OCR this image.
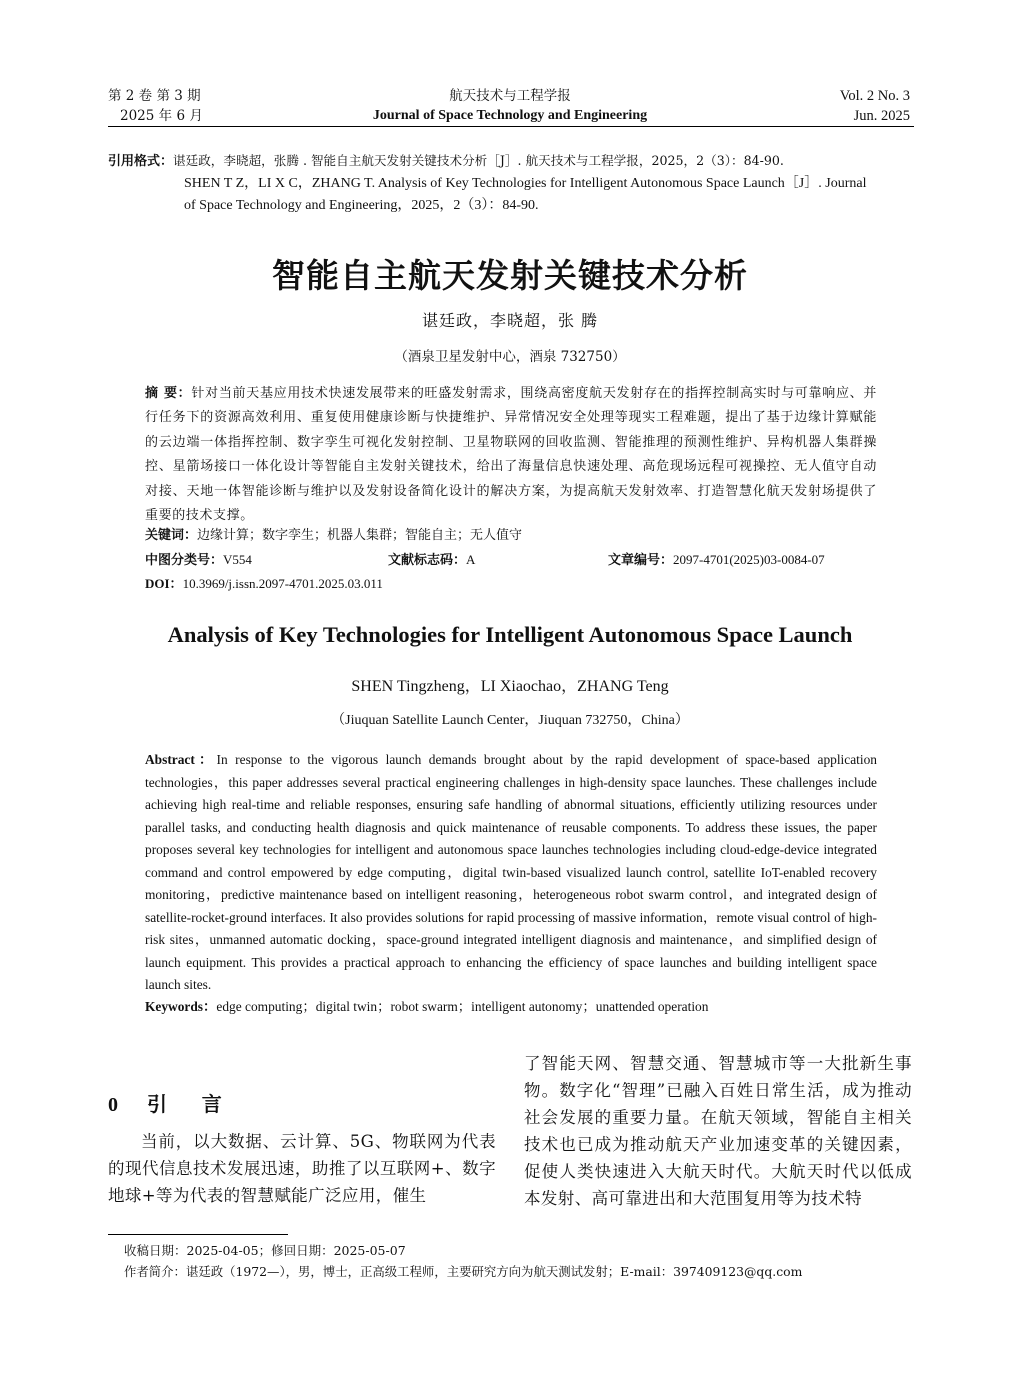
第 2 卷 第 3 期
2025 年 6 月
航天技术与工程学报
Journal of Space Technology and Engineering
Vol. 2 No. 3
Jun. 2025
引用格式：谌廷政，李晓超，张腾 . 智能自主航天发射关键技术分析［J］. 航天技术与工程学报，2025，2（3）：84-90.
SHEN T Z，LI X C，ZHANG T. Analysis of Key Technologies for Intelligent Autonomous Space Launch［J］. Journal
of Space Technology and Engineering，2025，2（3）：84-90.
智能自主航天发射关键技术分析
谌廷政，李晓超，张 腾
（酒泉卫星发射中心，酒泉 732750）
摘 要：针对当前天基应用技术快速发展带来的旺盛发射需求，围绕高密度航天发射存在的指挥控制高实时与可靠响应、并行任务下的资源高效利用、重复使用健康诊断与快捷维护、异常情况安全处理等现实工程难题，提出了基于边缘计算赋能的云边端一体指挥控制、数字孪生可视化发射控制、卫星物联网的回收监测、智能推理的预测性维护、异构机器人集群操控、星箭场接口一体化设计等智能自主发射关键技术，给出了海量信息快速处理、高危现场远程可视操控、无人值守自动对接、天地一体智能诊断与维护以及发射设备简化设计的解决方案，为提高航天发射效率、打造智慧化航天发射场提供了重要的技术支撑。
关键词：边缘计算；数字孪生；机器人集群；智能自主；无人值守
中图分类号：V554	文献标志码：A	文章编号：2097-4701(2025)03-0084-07
DOI：10.3969/j.issn.2097-4701.2025.03.011
Analysis of Key Technologies for Intelligent Autonomous Space Launch
SHEN Tingzheng，LI Xiaochao，ZHANG Teng
（Jiuquan Satellite Launch Center，Jiuquan 732750，China）
Abstract：In response to the vigorous launch demands brought about by the rapid development of space-based application technologies，this paper addresses several practical engineering challenges in high-density space launches. These challenges include achieving high real-time and reliable responses, ensuring safe handling of abnormal situations, efficiently utilizing resources under parallel tasks, and conducting health diagnosis and quick maintenance of reusable components. To address these issues, the paper proposes several key technologies for intelligent and autonomous space launches technologies including cloud-edge-device integrated command and control empowered by edge computing，digital twin-based visualized launch control, satellite IoT-enabled recovery monitoring，predictive maintenance based on intelligent reasoning，heterogeneous robot swarm control，and integrated design of satellite-rocket-ground interfaces. It also provides solutions for rapid processing of massive information，remote visual control of high-risk sites，unmanned automatic docking，space-ground integrated intelligent diagnosis and maintenance，and simplified design of launch equipment. This provides a practical approach to enhancing the efficiency of space launches and building intelligent space launch sites.
Keywords：edge computing；digital twin；robot swarm；intelligent autonomy；unattended operation
0 引     言
当前，以大数据、云计算、5G、物联网为代表的现代信息技术发展迅速，助推了以互联网+、数字地球+等为代表的智慧赋能广泛应用，催生
了智能天网、智慧交通、智慧城市等一大批新生事物。数字化“智理”已融入百姓日常生活，成为推动社会发展的重要力量。在航天领域，智能自主相关技术也已成为推动航天产业加速变革的关键因素，促使人类快速进入大航天时代。大航天时代以低成本发射、高可靠进出和大范围复用等为技术特
收稿日期：2025-04-05；修回日期：2025-05-07
作者简介：谌廷政（1972—），男，博士，正高级工程师，主要研究方向为航天测试发射；E-mail：397409123@qq.com
